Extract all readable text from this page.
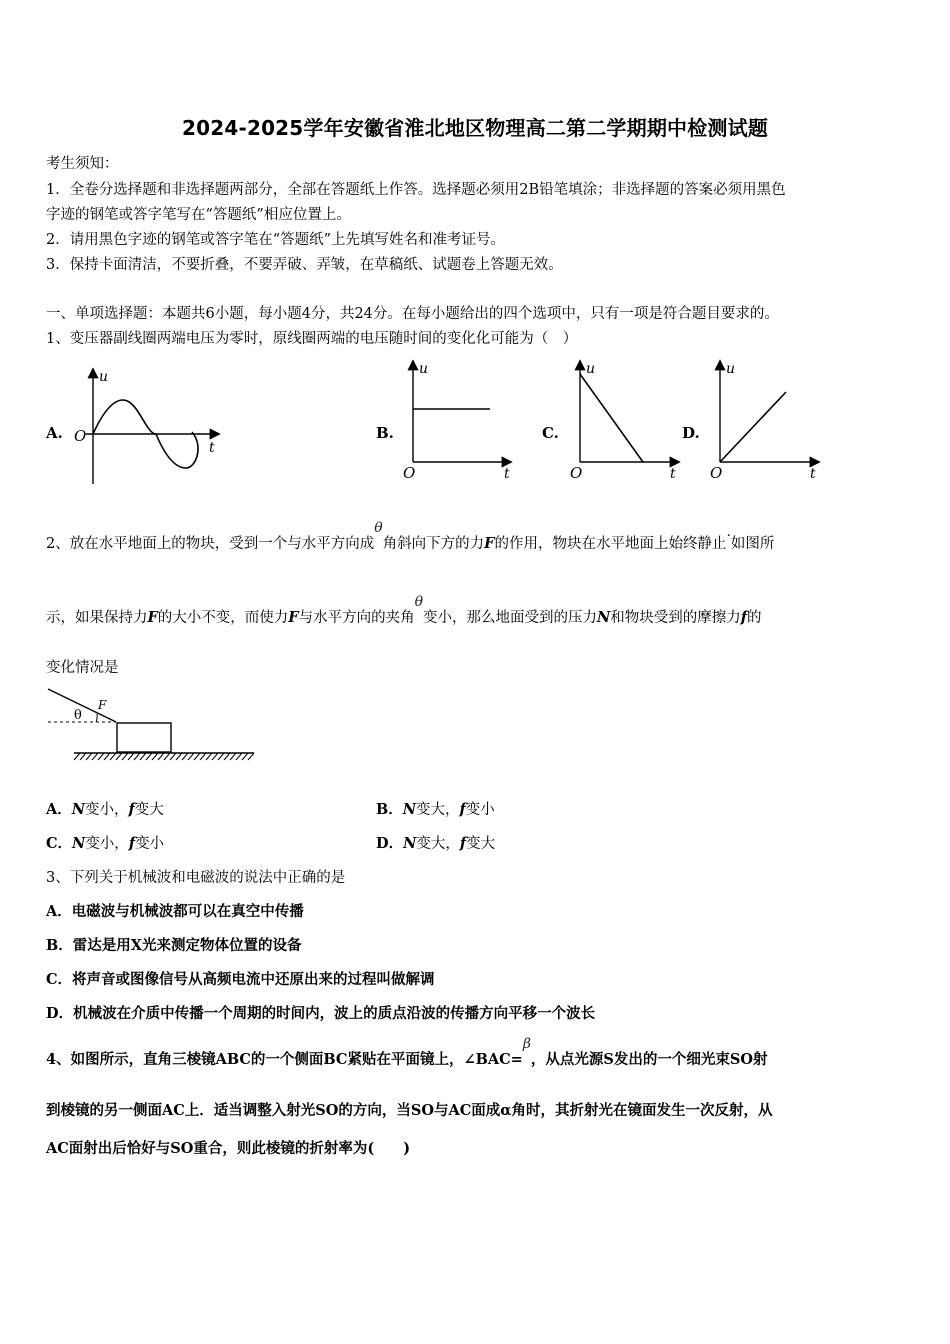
2024-2025学年安徽省淮北地区物理高二第二学期期中检测试题
考生须知：
1．全卷分选择题和非选择题两部分，全部在答题纸上作答。选择题必须用2B铅笔填涂；非选择题的答案必须用黑色
字迹的钢笔或答字笔写在“答题纸”相应位置上。
2．请用黑色字迹的钢笔或答字笔在“答题纸”上先填写姓名和准考证号。
3．保持卡面清洁，不要折叠，不要弄破、弄皱，在草稿纸、试题卷上答题无效。
一、单项选择题：本题共6小题，每小题4分，共24分。在每小题给出的四个选项中，只有一项是符合题目要求的。
1、变压器副线圈两端电压为零时，原线圈两端的电压随时间的变化化可能为（　）
A.	B.	C.	D.
u
O
t
u
O	t
u
O	t
u
O	t
2、放在水平地面上的物块，受到一个与水平方向成θ角斜向下方的力F的作用，物块在水平地面上始终静止·如图所
示，如果保持力F的大小不变，而使力F与水平方向的夹角θ变小，那么地面受到的压力N和物块受到的摩擦力f的
变化情况是
θ
F
A．N变小，f变大	B．N变大，f变小
C．N变小，f变小	D．N变大，f变大
3、下列关于机械波和电磁波的说法中正确的是
A．电磁波与机械波都可以在真空中传播
B．雷达是用X光来测定物体位置的设备
C．将声音或图像信号从高频电流中还原出来的过程叫做解调
D．机械波在介质中传播一个周期的时间内，波上的质点沿波的传播方向平移一个波长
4、如图所示，直角三棱镜ABC的一个侧面BC紧贴在平面镜上，∠BAC=β，从点光源S发出的一个细光束SO射
到棱镜的另一侧面AC上．适当调整入射光SO的方向，当SO与AC面成α角时，其折射光在镜面发生一次反射，从
AC面射出后恰好与SO重合，则此棱镜的折射率为(　　)
